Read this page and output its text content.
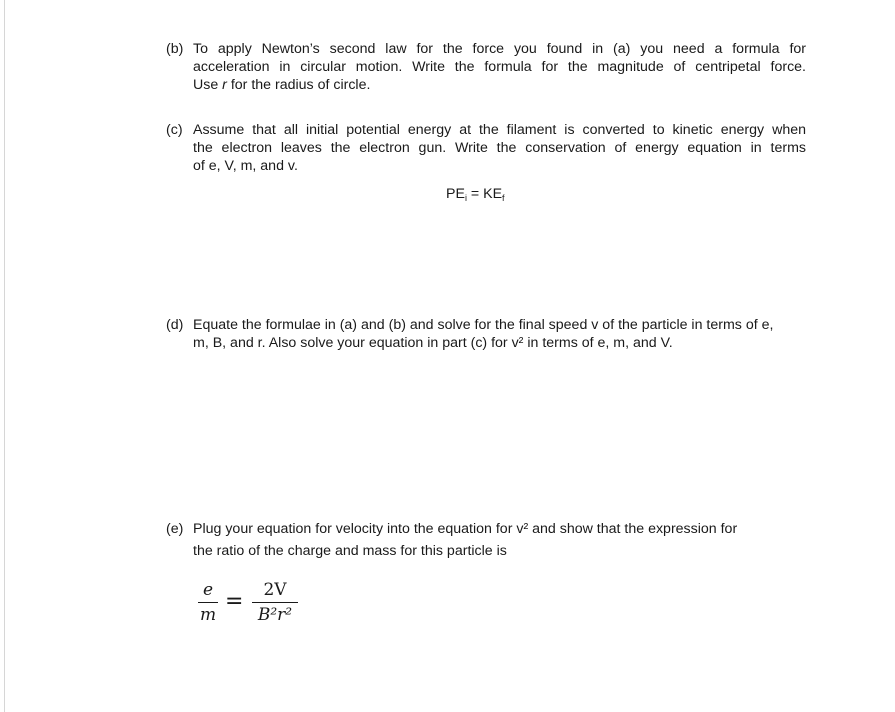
(b) To apply Newton’s second law for the force you found in (a) you need a formula for
acceleration in circular motion. Write the formula for the magnitude of centripetal force.
Use r for the radius of circle.
(c) Assume that all initial potential energy at the filament is converted to kinetic energy when
the electron leaves the electron gun. Write the conservation of energy equation in terms
of e, V, m, and v.
$PE_i = KE_f$
(d) Equate the formulae in (a) and (b) and solve for the final speed v of the particle in terms of e,
m, B, and r. Also solve your equation in part (c) for v² in terms of e, m, and V.
(e) Plug your equation for velocity into the equation for v² and show that the expression for
the ratio of the charge and mass for this particle is
e
m
=	2V
B²r²
